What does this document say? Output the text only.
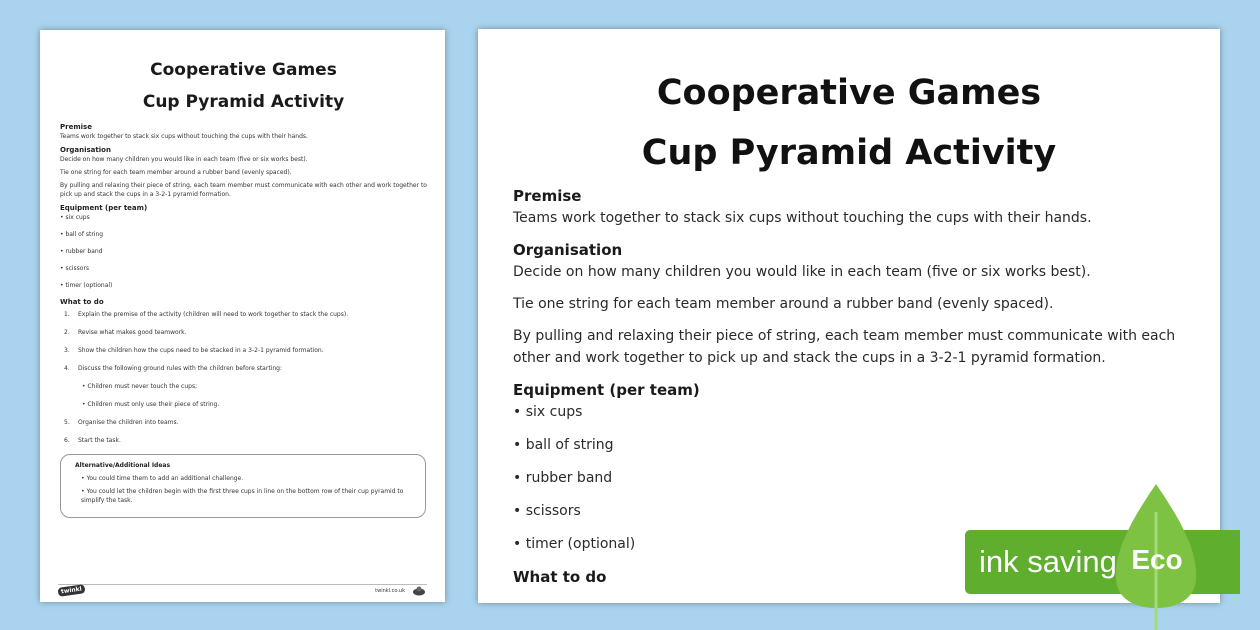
Cooperative Games
Cup Pyramid Activity
Premise
Teams work together to stack six cups without touching the cups with their hands.
Organisation
Decide on how many children you would like in each team (five or six works best).
Tie one string for each team member around a rubber band (evenly spaced).
By pulling and relaxing their piece of string, each team member must communicate with each other and work together to pick up and stack the cups in a 3-2-1 pyramid formation.
Equipment (per team)
• six cups
• ball of string
• rubber band
• scissors
• timer (optional)
What to do
1. Explain the premise of the activity (children will need to work together to stack the cups).
2. Revise what makes good teamwork.
3. Show the children how the cups need to be stacked in a 3-2-1 pyramid formation.
4. Discuss the following ground rules with the children before starting:
• Children must never touch the cups;
• Children must only use their piece of string.
5. Organise the children into teams.
6. Start the task.
Alternative/Additional Ideas
• You could time them to add an additional challenge.
• You could let the children begin with the first three cups in line on the bottom row of their cup pyramid to simplify the task.
twinkl	twinkl.co.uk
Cooperative Games
Cup Pyramid Activity
Premise
Teams work together to stack six cups without touching the cups with their hands.
Organisation
Decide on how many children you would like in each team (five or six works best).
Tie one string for each team member around a rubber band (evenly spaced).
By pulling and relaxing their piece of string, each team member must communicate with each
other and work together to pick up and stack the cups in a 3-2-1 pyramid formation.
Equipment (per team)
• six cups
• ball of string
• rubber band
• scissors
• timer (optional)
What to do	ink saving Eco
